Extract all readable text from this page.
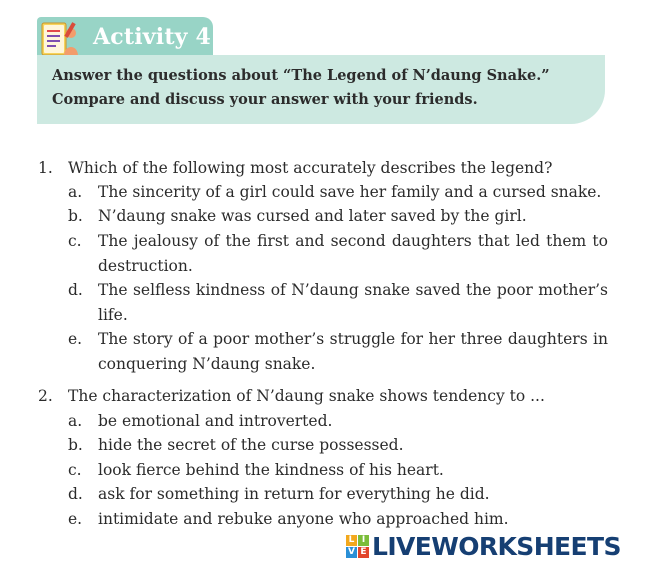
Activity 4
Answer the questions about “The Legend of N’daung Snake.”
Compare and discuss your answer with your friends.
1. Which of the following most accurately describes the legend?
a. The sincerity of a girl could save her family and a cursed snake.
b. N’daung snake was cursed and later saved by the girl.
c. The jealousy of the first and second daughters that led them to destruction.
d. The selfless kindness of N’daung snake saved the poor mother’s life.
e. The story of a poor mother’s struggle for her three daughters in conquering N’daung snake.
2. The characterization of N’daung snake shows tendency to ...
a. be emotional and introverted.
b. hide the secret of the curse possessed.
c. look fierce behind the kindness of his heart.
d. ask for something in return for everything he did.
e. intimidate and rebuke anyone who approached him.
L I
V E LIVEWORKSHEETS
